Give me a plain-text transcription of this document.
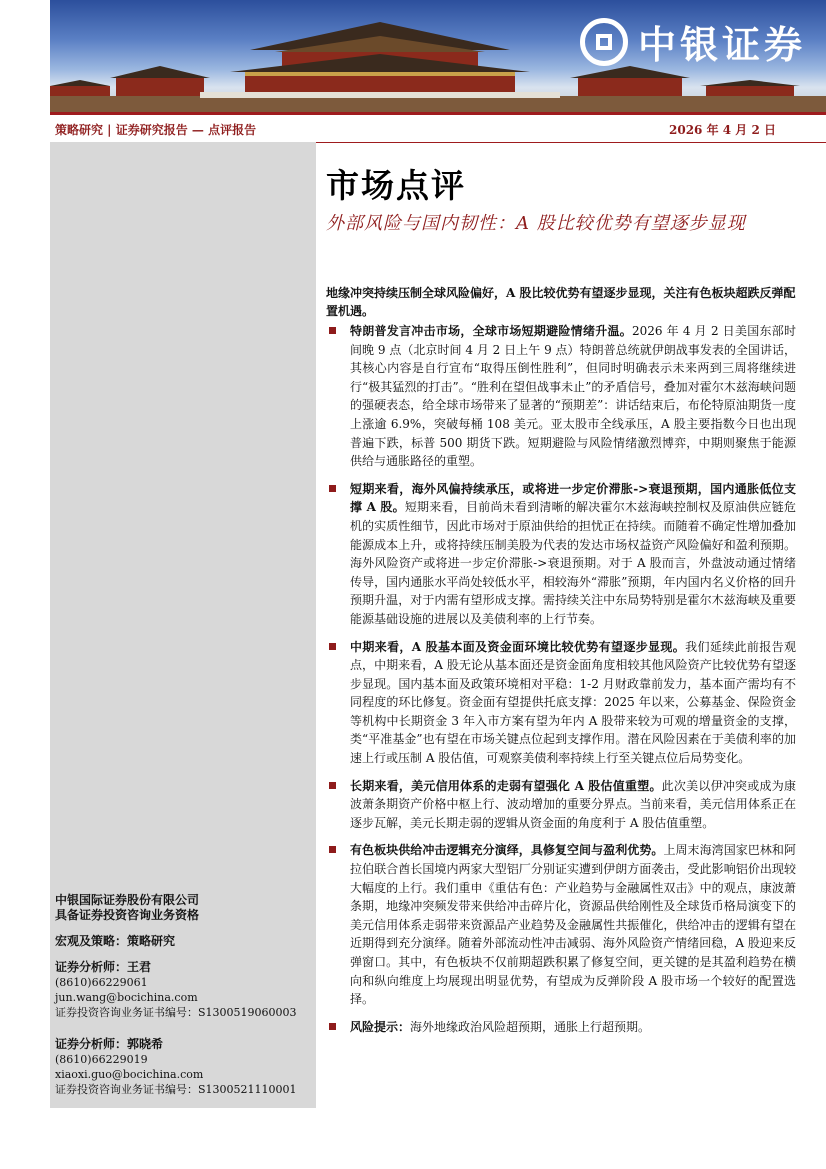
中银证券
策略研究 | 证券研究报告 — 点评报告	2026 年 4 月 2 日
市场点评
外部风险与国内韧性：A 股比较优势有望逐步显现
地缘冲突持续压制全球风险偏好，A 股比较优势有望逐步显现，关注有色板块超跌反弹配置机遇。
特朗普发言冲击市场，全球市场短期避险情绪升温。2026 年 4 月 2 日美国东部时间晚 9 点（北京时间 4 月 2 日上午 9 点）特朗普总统就伊朗战事发表的全国讲话，其核心内容是自行宣布“取得压倒性胜利”，但同时明确表示未来两到三周将继续进行“极其猛烈的打击”。“胜利在望但战事未止”的矛盾信号，叠加对霍尔木兹海峡问题的强硬表态，给全球市场带来了显著的“预期差”：讲话结束后，布伦特原油期货一度上涨逾 6.9%，突破每桶 108 美元。亚太股市全线承压，A 股主要指数今日也出现普遍下跌，标普 500 期货下跌。短期避险与风险情绪激烈博弈，中期则聚焦于能源供给与通胀路径的重塑。
短期来看，海外风偏持续承压，或将进一步定价滞胀->衰退预期，国内通胀低位支撑 A 股。短期来看，目前尚未看到清晰的解决霍尔木兹海峡控制权及原油供应链危机的实质性细节，因此市场对于原油供给的担忧正在持续。而随着不确定性增加叠加能源成本上升，或将持续压制美股为代表的发达市场权益资产风险偏好和盈利预期。海外风险资产或将进一步定价滞胀->衰退预期。对于 A 股而言，外盘波动通过情绪传导，国内通胀水平尚处较低水平，相较海外“滞胀”预期，年内国内名义价格的回升预期升温，对于内需有望形成支撑。需持续关注中东局势特别是霍尔木兹海峡及重要能源基础设施的进展以及美债利率的上行节奏。
中期来看，A 股基本面及资金面环境比较优势有望逐步显现。我们延续此前报告观点，中期来看，A 股无论从基本面还是资金面角度相较其他风险资产比较优势有望逐步显现。国内基本面及政策环境相对平稳：1-2 月财政靠前发力，基本面产需均有不同程度的环比修复。资金面有望提供托底支撑：2025 年以来，公募基金、保险资金等机构中长期资金 3 年入市方案有望为年内 A 股带来较为可观的增量资金的支撑，类“平准基金”也有望在市场关键点位起到支撑作用。潜在风险因素在于美债利率的加速上行或压制 A 股估值，可观察美债利率持续上行至关键点位后局势变化。
长期来看，美元信用体系的走弱有望强化 A 股估值重塑。此次美以伊冲突或成为康波萧条期资产价格中枢上行、波动增加的重要分界点。当前来看，美元信用体系正在逐步瓦解，美元长期走弱的逻辑从资金面的角度利于 A 股估值重塑。
有色板块供给冲击逻辑充分演绎，具修复空间与盈利优势。上周末海湾国家巴林和阿拉伯联合酋长国境内两家大型铝厂分别证实遭到伊朗方面袭击，受此影响铝价出现较大幅度的上行。我们重申《重估有色：产业趋势与金融属性双击》中的观点，康波萧条期，地缘冲突频发带来供给冲击碎片化，资源品供给刚性及全球货币格局演变下的美元信用体系走弱带来资源品产业趋势及金融属性共振催化，供给冲击的逻辑有望在近期得到充分演绎。随着外部流动性冲击减弱、海外风险资产情绪回稳，A 股迎来反弹窗口。其中，有色板块不仅前期超跌积累了修复空间，更关键的是其盈利趋势在横向和纵向维度上均展现出明显优势，有望成为反弹阶段 A 股市场一个较好的配置选择。
风险提示：海外地缘政治风险超预期，通胀上行超预期。
中银国际证券股份有限公司
具备证券投资咨询业务资格
宏观及策略：策略研究
证券分析师：王君
(8610)66229061
jun.wang@bocichina.com
证券投资咨询业务证书编号：S1300519060003
证券分析师：郭晓希
(8610)66229019
xiaoxi.guo@bocichina.com
证券投资咨询业务证书编号：S1300521110001
